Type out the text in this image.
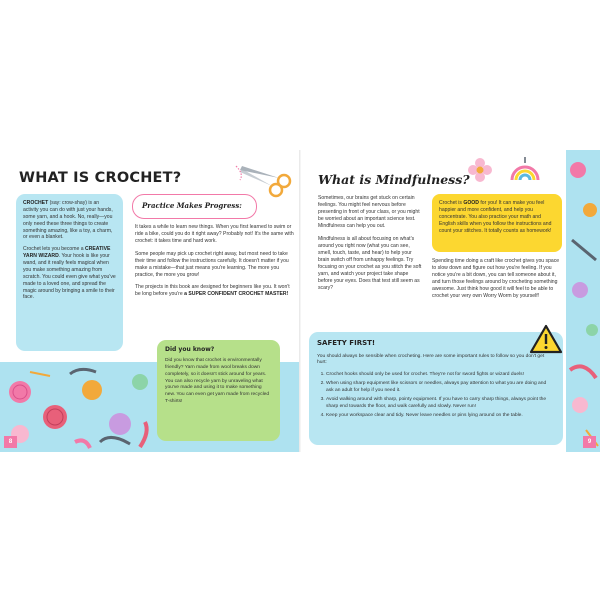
WHAT IS CROCHET?

CROCHET (say: crow-shay) is an activity you can do with just your hands, some yarn, and a hook. No, really—you only need these three things to create something amazing, like a toy, a charm, or even a blanket.

Crochet lets you become a CREATIVE YARN WIZARD. Your hook is like your wand, and it really feels magical when you make something amazing from scratch. You could even give what you've made to a loved one, and spread the magic around by bringing a smile to their face.

Practice Makes Progress:

It takes a while to learn new things. When you first learned to swim or ride a bike, could you do it right away? Probably not! It's the same with crochet: it takes time and hard work.

Some people may pick up crochet right away, but most need to take their time and follow the instructions carefully. It doesn't matter if you make a mistake—that just means you're learning. The more you practice, the more you grow!

The projects in this book are designed for beginners like you. It won't be long before you're a SUPER CONFIDENT CROCHET MASTER!

Did you know?
Did you know that crochet is environmentally friendly? Yarn made from wool breaks down completely, so it doesn't stick around for years. You can also recycle yarn by unraveling what you've made and using it to make something new. You can even get yarn made from recycled T-shirts!
8
What is Mindfulness?

Sometimes, our brains get stuck on certain feelings. You might feel nervous before presenting in front of your class, or you might be worried about an important science test. Mindfulness can help you out.

Mindfulness is all about focusing on what's around you right now (what you can see, smell, touch, taste, and hear) to help your brain switch off from unhappy feelings. Try focusing on your crochet as you stitch the soft yarn, and watch your project take shape before your eyes. Does that test still seem as scary?

Crochet is GOOD for you! It can make you feel happier and more confident, and help you concentrate. You also practice your math and English skills when you follow the instructions and count your stitches. It totally counts as homework!
Spending time doing a craft like crochet gives you space to slow down and figure out how you're feeling. If you notice you're a bit down, you can tell someone about it, and turn those feelings around by crocheting something awesome. Just think how good it will feel to be able to crochet your very own Worry Worm by yourself!
SAFETY FIRST!
You should always be sensible when crocheting. Here are some important rules to follow so you don't get hurt:
1. Crochet hooks should only be used for crochet. They're not for sword fights or wizard duels!
2. When using sharp equipment like scissors or needles, always pay attention to what you are doing and ask an adult for help if you need it.
3. Avoid walking around with sharp, pointy equipment. If you have to carry sharp things, always point the sharp end towards the floor, and walk carefully and slowly. Never run!
4. Keep your workspace clear and tidy. Never leave needles or pins lying around on the table.
9
